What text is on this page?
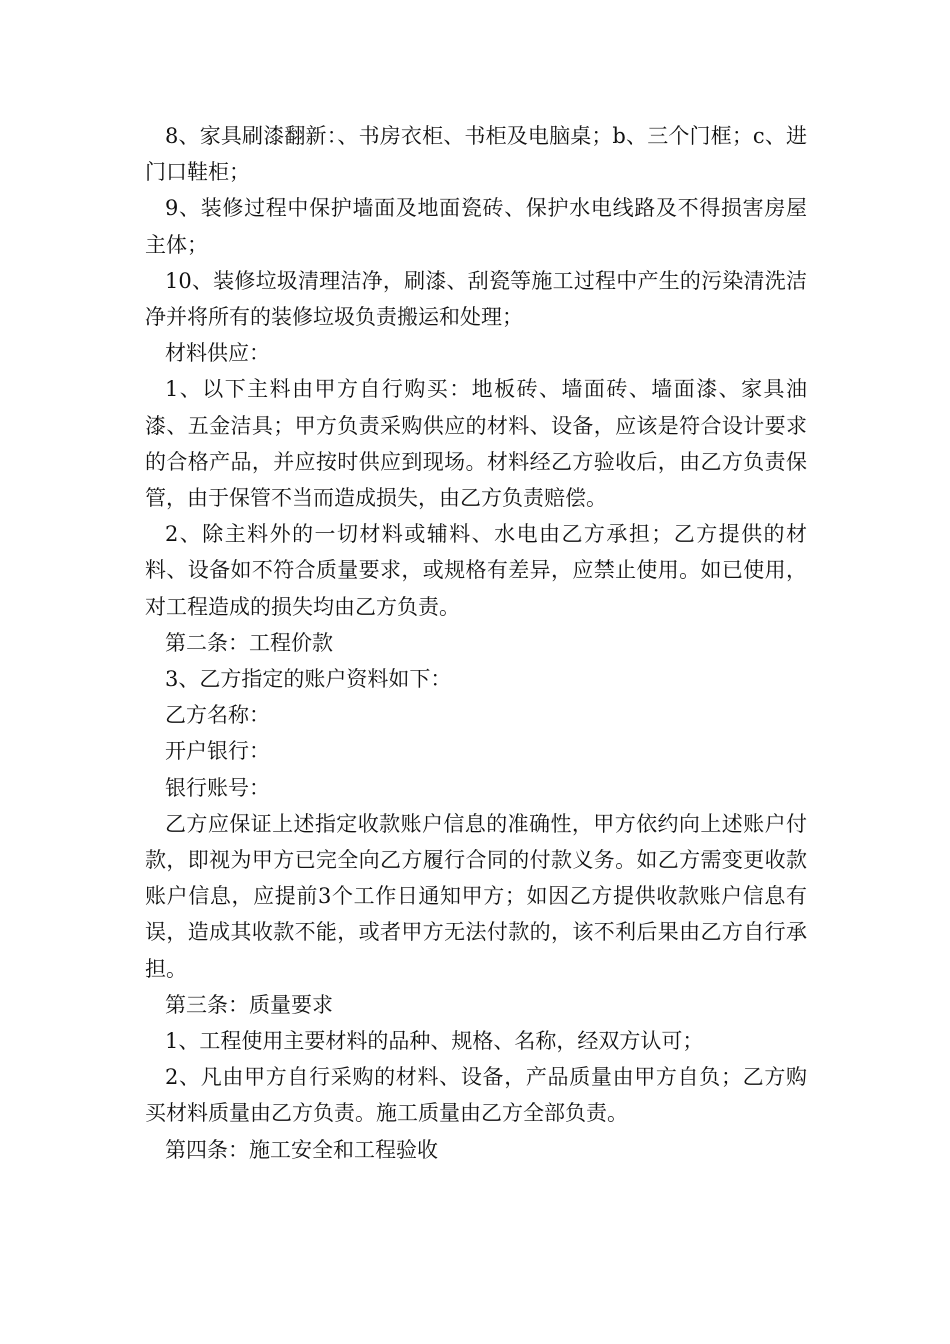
8、家具刷漆翻新：、书房衣柜、书柜及电脑桌；b、三个门框；c、进门口鞋柜；

9、装修过程中保护墙面及地面瓷砖、保护水电线路及不得损害房屋主体；

10、装修垃圾清理洁净，刷漆、刮瓷等施工过程中产生的污染清洗洁净并将所有的装修垃圾负责搬运和处理；

材料供应：

1、以下主料由甲方自行购买：地板砖、墙面砖、墙面漆、家具油漆、五金洁具；甲方负责采购供应的材料、设备，应该是符合设计要求的合格产品，并应按时供应到现场。材料经乙方验收后，由乙方负责保管，由于保管不当而造成损失，由乙方负责赔偿。

2、除主料外的一切材料或辅料、水电由乙方承担；乙方提供的材料、设备如不符合质量要求，或规格有差异，应禁止使用。如已使用，对工程造成的损失均由乙方负责。

第二条：工程价款

3、乙方指定的账户资料如下：

乙方名称：

开户银行：

银行账号：

乙方应保证上述指定收款账户信息的准确性，甲方依约向上述账户付款，即视为甲方已完全向乙方履行合同的付款义务。如乙方需变更收款账户信息，应提前3个工作日通知甲方；如因乙方提供收款账户信息有误，造成其收款不能，或者甲方无法付款的，该不利后果由乙方自行承担。

第三条：质量要求

1、工程使用主要材料的品种、规格、名称，经双方认可；

2、凡由甲方自行采购的材料、设备，产品质量由甲方自负；乙方购买材料质量由乙方负责。施工质量由乙方全部负责。

第四条：施工安全和工程验收
